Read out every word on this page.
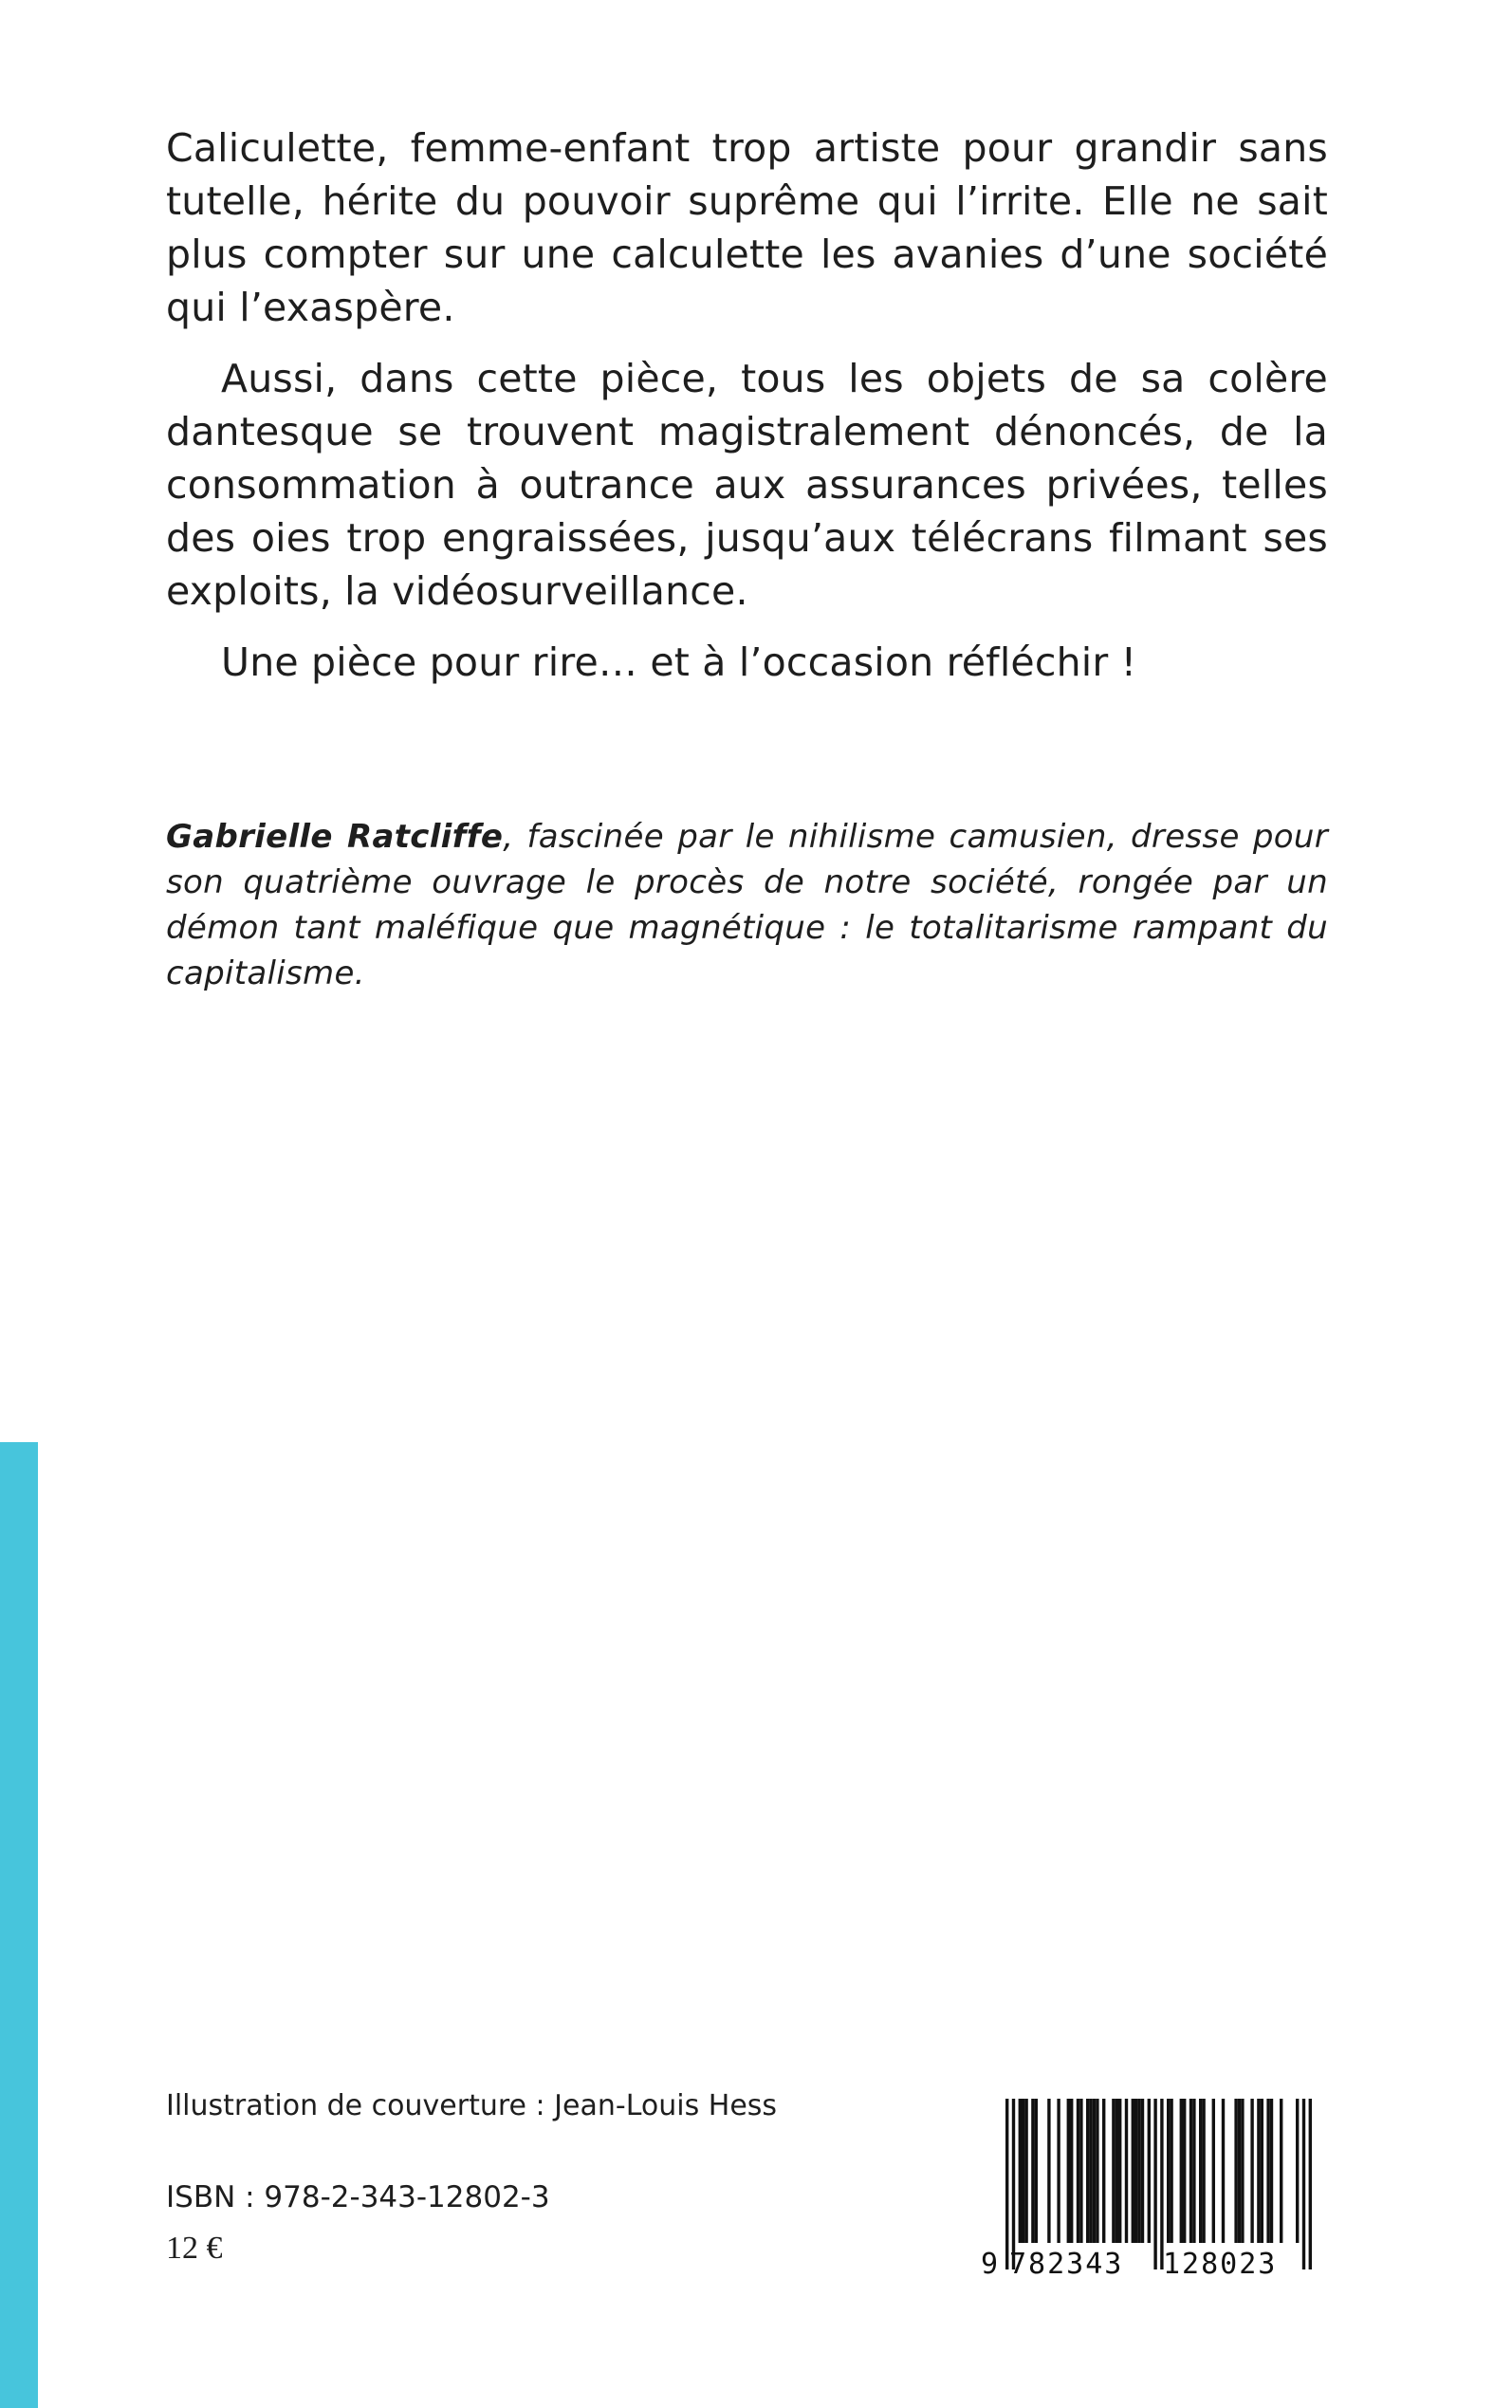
Caliculette, femme-enfant trop artiste pour grandir sans tutelle, hérite du pouvoir suprême qui l’irrite. Elle ne sait plus compter sur une calculette les avanies d’une société qui l’exaspère.

Aussi, dans cette pièce, tous les objets de sa colère dantesque se trouvent magistralement dénoncés, de la consommation à outrance aux assurances privées, telles des oies trop engraissées, jusqu’aux télécrans filmant ses exploits, la vidéosurveillance.

Une pièce pour rire… et à l’occasion réfléchir !

Gabrielle Ratcliffe, fascinée par le nihilisme camusien, dresse pour son quatrième ouvrage le procès de notre société, rongée par un démon tant maléfique que magnétique : le totalitarisme rampant du capitalisme.
Illustration de couverture : Jean-Louis Hess
ISBN : 978-2-343-12802-3
12 €	9 782343 128023
